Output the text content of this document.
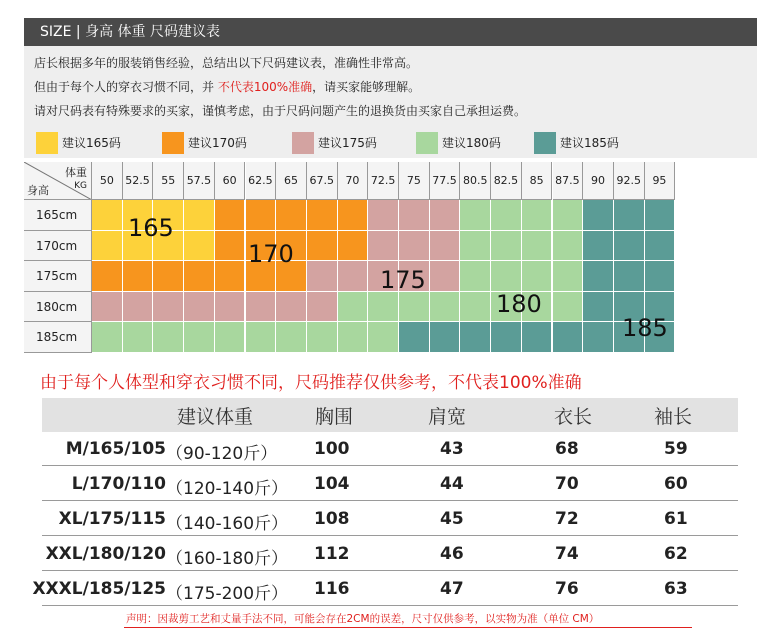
SIZE | 身高 体重 尺码建议表

店长根据多年的服装销售经验，总结出以下尺码建议表，准确性非常高。

但由于每个人的穿衣习惯不同，并 不代表100%准确，请买家能够理解。

请对尺码表有特殊要求的买家，谨慎考虑，由于尺码问题产生的退换货由买家自己承担运费。

建议165码	建议170码	建议175码	建议180码	建议185码
体重
KG
身高
50	52.5	55	57.5	60	62.5	65	67.5	70	72.5	75	77.5 80.5 82.5	85	87.5	90	92.5	95
165cm
170cm
175cm
180cm
185cm
165
170
175
180
185
由于每个人体型和穿衣习惯不同，尺码推荐仅供参考，不代表100%准确
建议体重	胸围	肩宽	衣长	袖长
M/165/105 （90-120斤） 100	43	68	59
L/170/110 （120-140斤） 104	44	70	60
XL/175/115 （140-160斤） 108	45	72	61
XXL/180/120 （160-180斤） 112	46	74	62
XXXL/185/125 （175-200斤） 116	47	76	63
声明：因裁剪工艺和丈量手法不同，可能会存在2CM的误差，尺寸仅供参考，以实物为准（单位 CM）
